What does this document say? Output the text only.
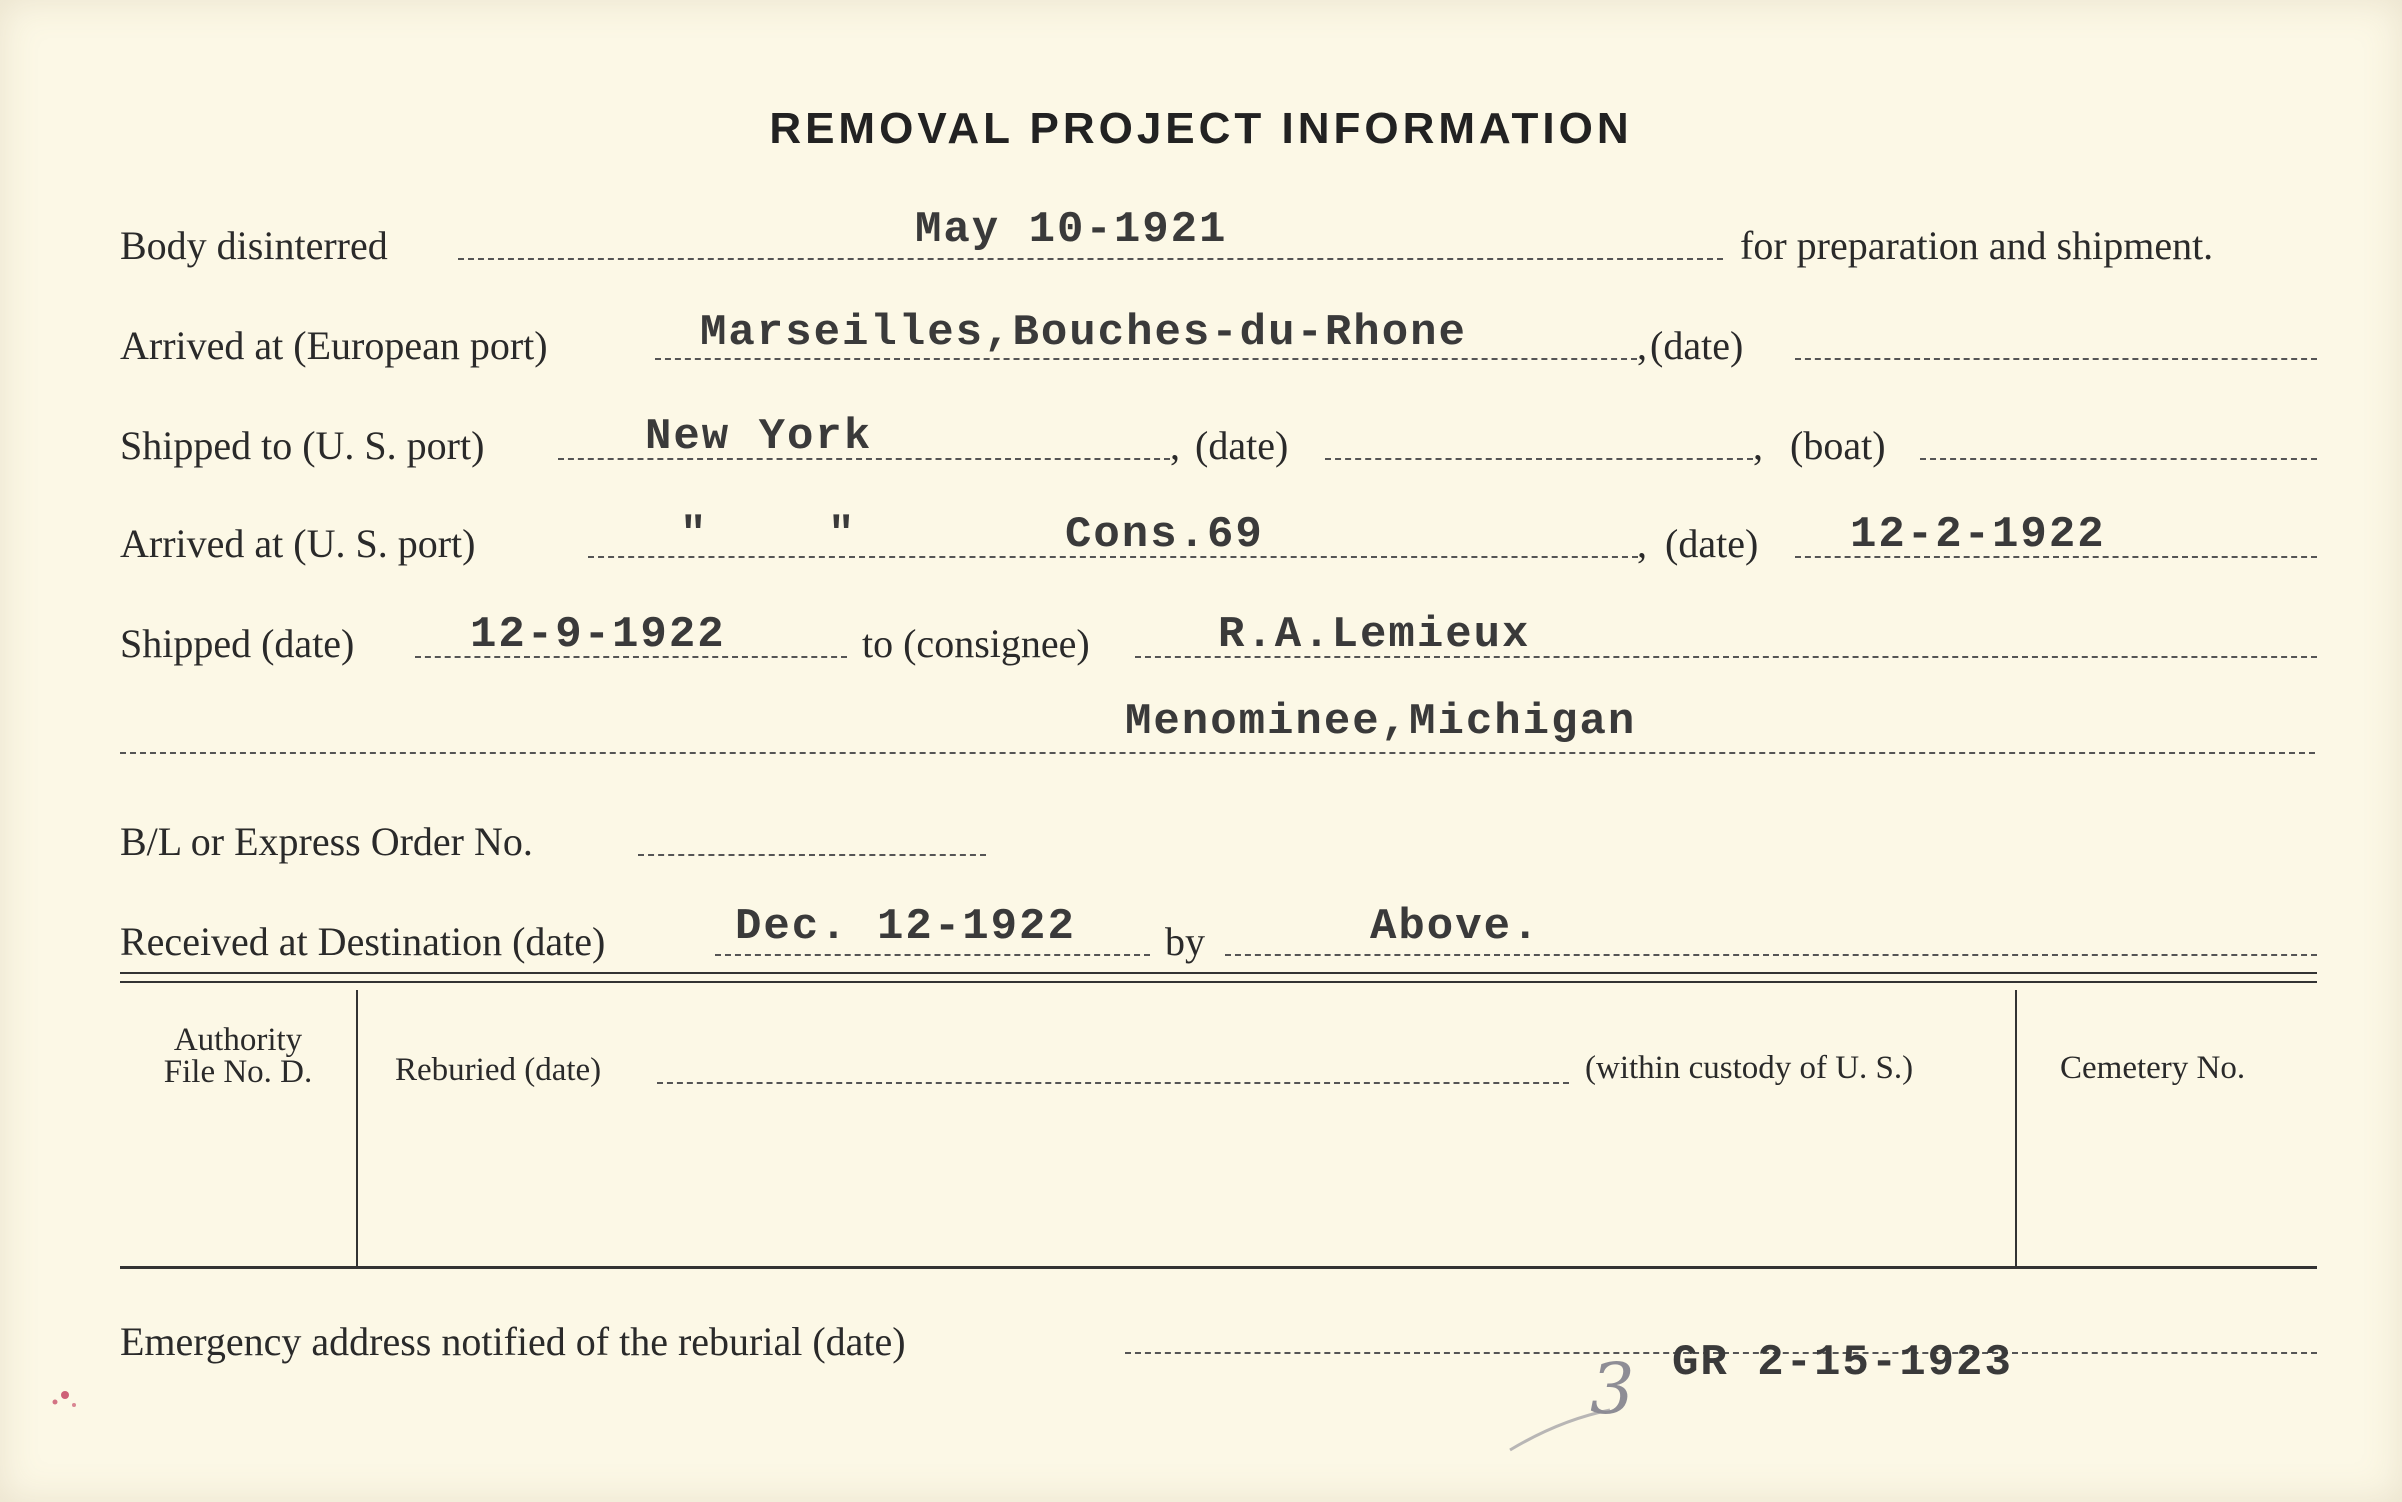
REMOVAL PROJECT INFORMATION
Body disinterred	May 10-1921	for preparation and shipment.
Arrived at (European port)	Marseilles,Bouches-du-Rhone	(date)
,
Shipped to (U. S. port)	New York	, (date)	, (boat)
Arrived at (U. S. port)	"	"	Cons.69	, (date) 12-2-1922
Shipped (date)	12-9-1922	to (consignee)	R.A.Lemieux
Menominee,Michigan
B/L or Express Order No.
Received at Destination (date)	Dec. 12-1922 by	Above.
Authority
File No. D.	Reburied (date)	(within custody of U. S.)	Cemetery No.
Emergency address notified of the reburial (date)	GR 2-15-1923
3
